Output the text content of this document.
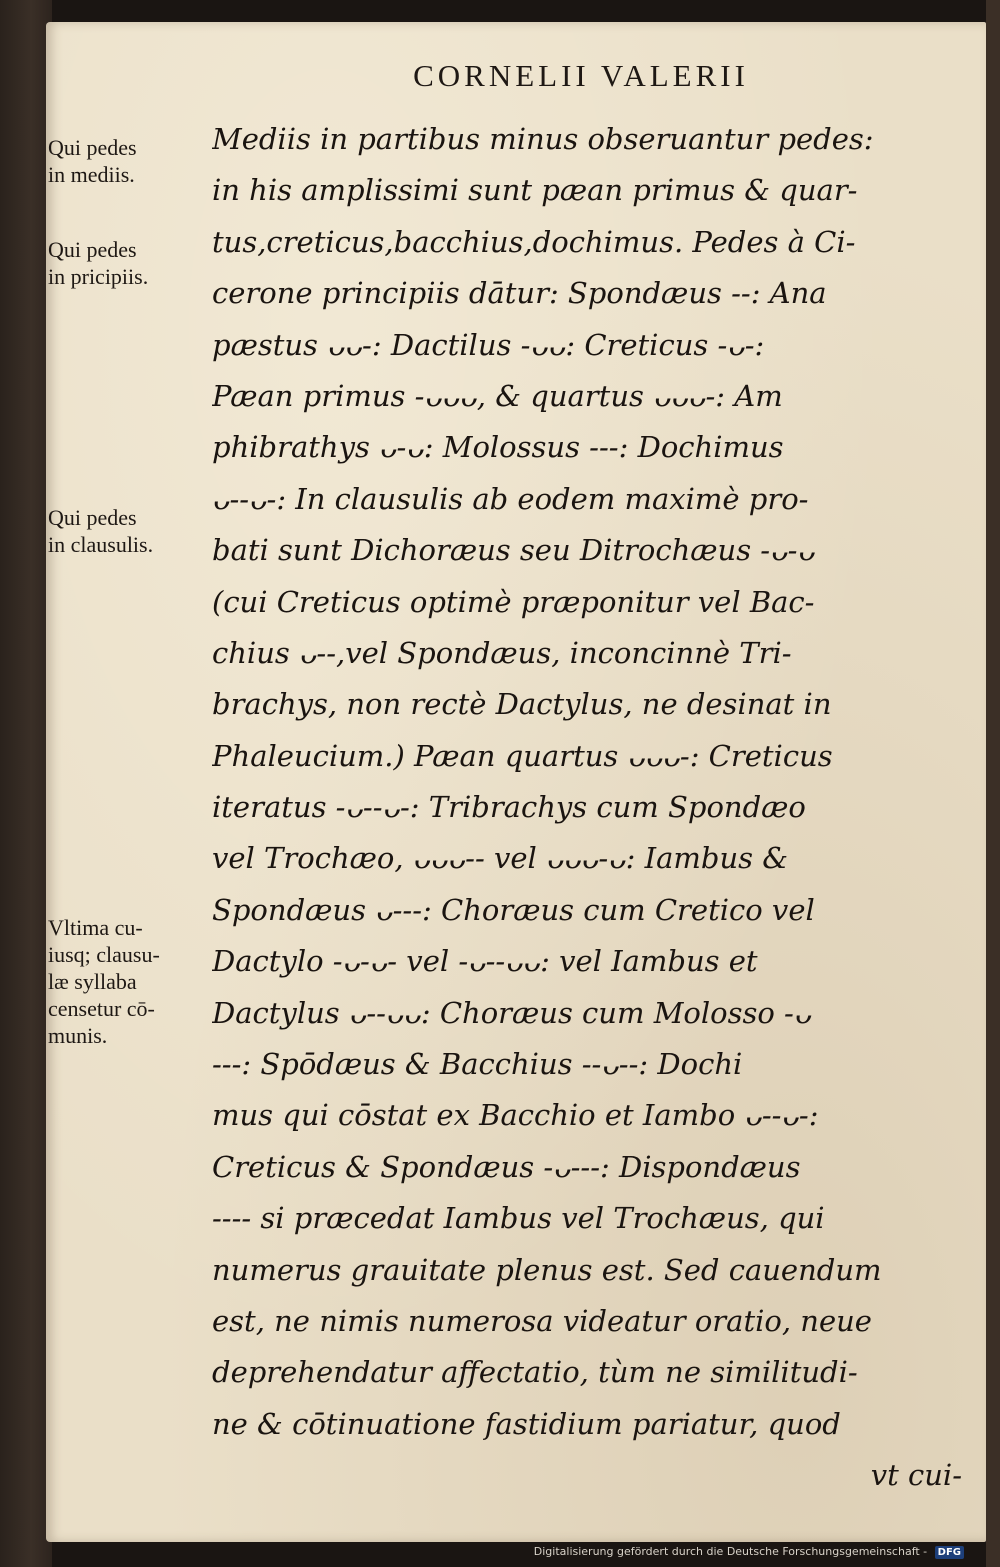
CORNELII VALERII
Qui pedes
in mediis.
Qui pedes
in pricipiis.
Qui pedes
in clausulis.
Vltima cu-
iusq; clausu-
læ syllaba
censetur cō-
munis.
Mediis in partibus minus obseruantur pedes:
in his amplissimi sunt pæan primus & quar-
tus,creticus,bacchius,dochimus. Pedes à Ci-
cerone principiis dātur: Spondæus --: Ana
pæstus ᴗᴗ-: Dactilus -ᴗᴗ: Creticus -ᴗ-:
Pæan primus -ᴗᴗᴗ, & quartus ᴗᴗᴗ-: Am
phibrathys ᴗ-ᴗ: Molossus ---: Dochimus
ᴗ--ᴗ-: In clausulis ab eodem maximè pro-
bati sunt Dichoræus seu Ditrochæus -ᴗ-ᴗ
(cui Creticus optimè præponitur vel Bac-
chius ᴗ--,vel Spondæus, inconcinnè Tri-
brachys, non rectè Dactylus, ne desinat in
Phaleucium.) Pæan quartus ᴗᴗᴗ-: Creticus
iteratus -ᴗ--ᴗ-: Tribrachys cum Spondæo
vel Trochæo, ᴗᴗᴗ-- vel ᴗᴗᴗ-ᴗ: Iambus &
Spondæus ᴗ---: Choræus cum Cretico vel
Dactylo -ᴗ-ᴗ- vel -ᴗ--ᴗᴗ: vel Iambus et
Dactylus ᴗ--ᴗᴗ: Choræus cum Molosso -ᴗ
---: Spōdæus & Bacchius --ᴗ--: Dochi
mus qui cōstat ex Bacchio et Iambo ᴗ--ᴗ-:
Creticus & Spondæus -ᴗ---: Dispondæus
---- si præcedat Iambus vel Trochæus, qui
numerus grauitate plenus est. Sed cauendum
est, ne nimis numerosa videatur oratio, neue
deprehendatur affectatio, tùm ne similitudi-
ne & cōtinuatione fastidium pariatur, quod
vt cui-
Digitalisierung gefördert durch die Deutsche Forschungsgemeinschaft - DFG
